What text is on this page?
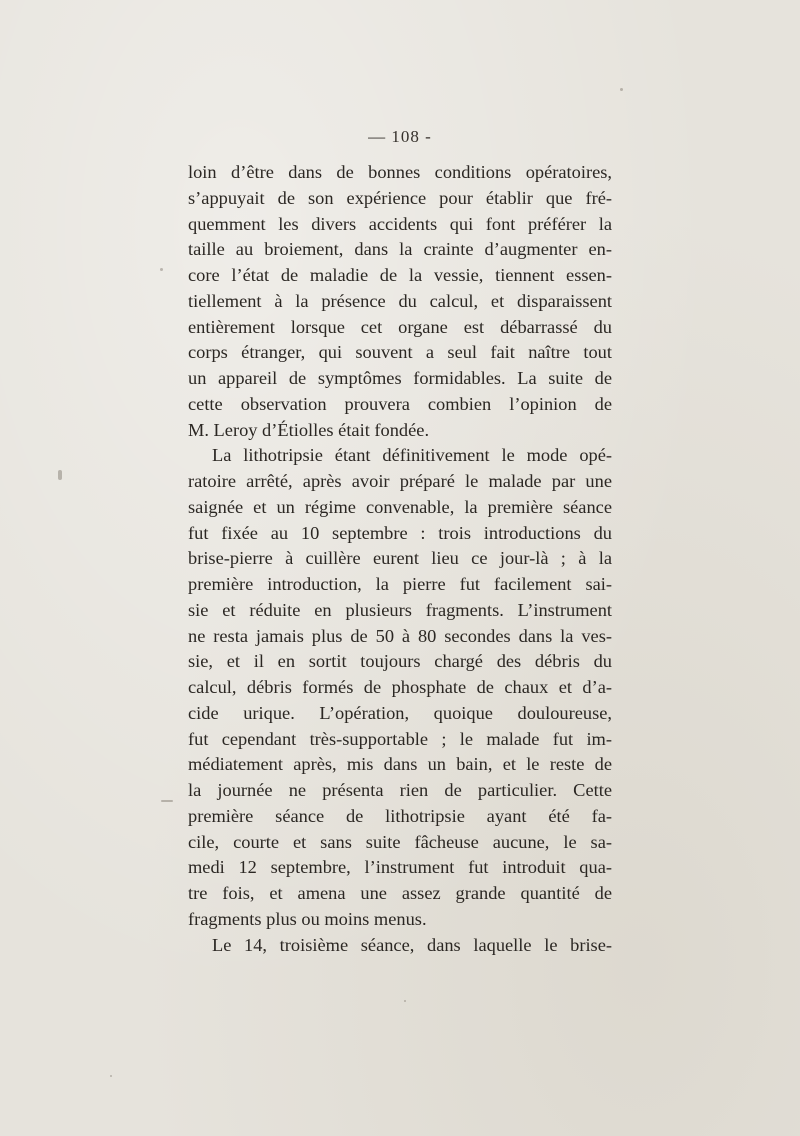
— 108 -
loin d’être dans de bonnes conditions opératoires,
s’appuyait de son expérience pour établir que fré-
quemment les divers accidents qui font préférer la
taille au broiement, dans la crainte d’augmenter en-
core l’état de maladie de la vessie, tiennent essen-
tiellement à la présence du calcul, et disparaissent
entièrement lorsque cet organe est débarrassé du
corps étranger, qui souvent a seul fait naître tout
un appareil de symptômes formidables. La suite de
cette observation prouvera combien l’opinion de
M. Leroy d’Étiolles était fondée.
La lithotripsie étant définitivement le mode opé-
ratoire arrêté, après avoir préparé le malade par une
saignée et un régime convenable, la première séance
fut fixée au 10 septembre : trois introductions du
brise-pierre à cuillère eurent lieu ce jour-là ; à la
première introduction, la pierre fut facilement sai-
sie et réduite en plusieurs fragments. L’instrument
ne resta jamais plus de 50 à 80 secondes dans la ves-
sie, et il en sortit toujours chargé des débris du
calcul, débris formés de phosphate de chaux et d’a-
cide urique. L’opération, quoique douloureuse,
fut cependant très-supportable ; le malade fut im-
médiatement après, mis dans un bain, et le reste de
la journée ne présenta rien de particulier. Cette
première séance de lithotripsie ayant été fa-
cile, courte et sans suite fâcheuse aucune, le sa-
medi 12 septembre, l’instrument fut introduit qua-
tre fois, et amena une assez grande quantité de
fragments plus ou moins menus.
Le 14, troisième séance, dans laquelle le brise-
